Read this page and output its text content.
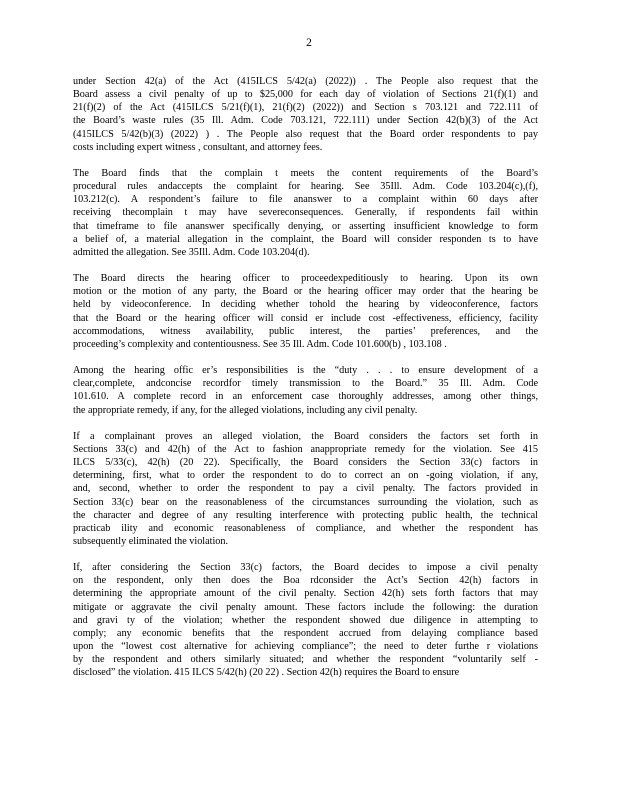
2
under Section 42(a) of the Act (415ILCS 5/42(a) (2022)) . The People also request that the
Board assess a civil penalty of up to $25,000 for each day of violation of Sections 21(f)(1) and
21(f)(2) of the Act (415ILCS 5/21(f)(1), 21(f)(2) (2022)) and Section s 703.121 and 722.111 of
the Board’s waste rules (35 Ill. Adm. Code 703.121, 722.111) under Section 42(b)(3) of the Act
(415ILCS 5/42(b)(3) (2022) ) . The People also request that the Board order respondents to pay
costs including expert witness , consultant, and attorney fees.
The Board finds that the complain t meets the content requirements of the Board’s
procedural rules andaccepts the complaint for hearing. See 35Ill. Adm. Code 103.204(c),(f),
103.212(c). A respondent’s failure to file ananswer to a complaint within 60 days after
receiving thecomplain t may have severeconsequences. Generally, if respondents fail within
that timeframe to file ananswer specifically denying, or asserting insufficient knowledge to form
a belief of, a material allegation in the complaint, the Board will consider responden ts to have
admitted the allegation. See 35Ill. Adm. Code 103.204(d).
The Board directs the hearing officer to proceedexpeditiously to hearing. Upon its own
motion or the motion of any party, the Board or the hearing officer may order that the hearing be
held by videoconference. In deciding whether tohold the hearing by videoconference, factors
that the Board or the hearing officer will consid er include cost -effectiveness, efficiency, facility
accommodations, witness availability, public interest, the parties’ preferences, and the
proceeding’s complexity and contentiousness. See 35 Ill. Adm. Code 101.600(b) , 103.108 .
Among the hearing offic er’s responsibilities is the “duty . . . to ensure development of a
clear,complete, andconcise recordfor timely transmission to the Board.” 35 Ill. Adm. Code
101.610. A complete record in an enforcement case thoroughly addresses, among other things,
the appropriate remedy, if any, for the alleged violations, including any civil penalty.
If a complainant proves an alleged violation, the Board considers the factors set forth in
Sections 33(c) and 42(h) of the Act to fashion anappropriate remedy for the violation. See 415
ILCS 5/33(c), 42(h) (20 22). Specifically, the Board considers the Section 33(c) factors in
determining, first, what to order the respondent to do to correct an on -going violation, if any,
and, second, whether to order the respondent to pay a civil penalty. The factors provided in
Section 33(c) bear on the reasonableness of the circumstances surrounding the violation, such as
the character and degree of any resulting interference with protecting public health, the technical
practicab ility and economic reasonableness of compliance, and whether the respondent has
subsequently eliminated the violation.
If, after considering the Section 33(c) factors, the Board decides to impose a civil penalty
on the respondent, only then does the Boa rdconsider the Act’s Section 42(h) factors in
determining the appropriate amount of the civil penalty. Section 42(h) sets forth factors that may
mitigate or aggravate the civil penalty amount. These factors include the following: the duration
and gravi ty of the violation; whether the respondent showed due diligence in attempting to
comply; any economic benefits that the respondent accrued from delaying compliance based
upon the “lowest cost alternative for achieving compliance”; the need to deter furthe r violations
by the respondent and others similarly situated; and whether the respondent “voluntarily self -
disclosed” the violation. 415 ILCS 5/42(h) (20 22) . Section 42(h) requires the Board to ensure
